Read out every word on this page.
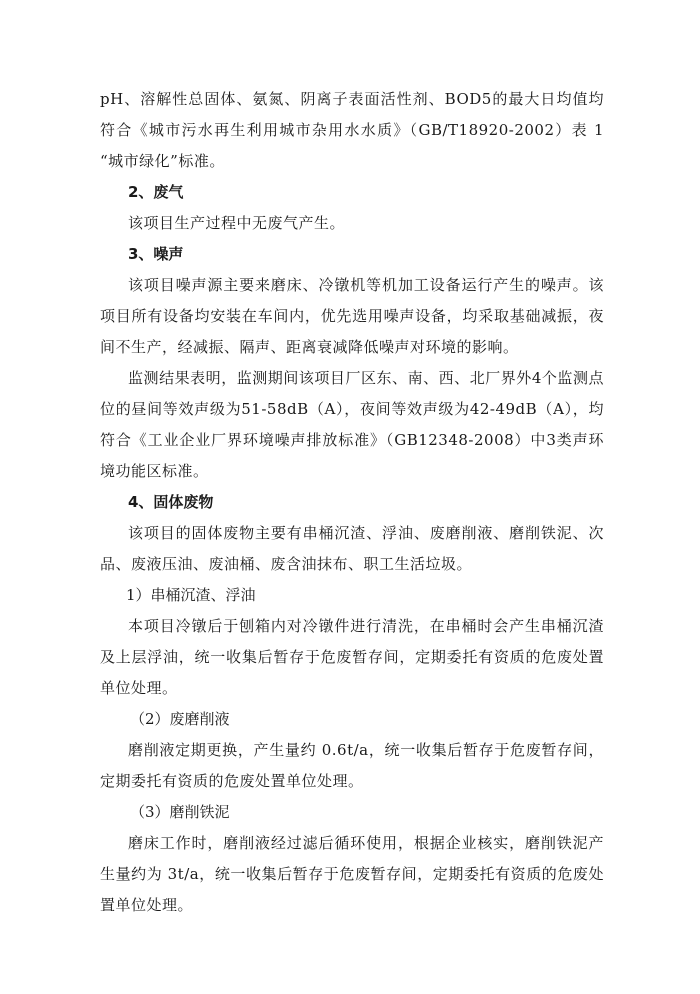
pH、溶解性总固体、氨氮、阴离子表面活性剂、BOD5的最大日均值均符合《城市污水再生利用城市杂用水水质》（GB/T18920-2002）表 1 “城市绿化”标准。

2、废气

该项目生产过程中无废气产生。

3、噪声

该项目噪声源主要来磨床、冷镦机等机加工设备运行产生的噪声。该项目所有设备均安装在车间内，优先选用噪声设备，均采取基础减振，夜间不生产，经减振、隔声、距离衰减降低噪声对环境的影响。

监测结果表明，监测期间该项目厂区东、南、西、北厂界外4个监测点位的昼间等效声级为51-58dB（A），夜间等效声级为42-49dB（A），均符合《工业企业厂界环境噪声排放标准》（GB12348-2008）中3类声环境功能区标准。

4、固体废物

该项目的固体废物主要有串桶沉渣、浮油、废磨削液、磨削铁泥、次品、废液压油、废油桶、废含油抹布、职工生活垃圾。

1）串桶沉渣、浮油

本项目冷镦后于刨箱内对冷镦件进行清洗，在串桶时会产生串桶沉渣及上层浮油，统一收集后暂存于危废暂存间，定期委托有资质的危废处置单位处理。

（2）废磨削液

磨削液定期更换，产生量约 0.6t/a，统一收集后暂存于危废暂存间，定期委托有资质的危废处置单位处理。

（3）磨削铁泥

磨床工作时，磨削液经过滤后循环使用，根据企业核实，磨削铁泥产生量约为 3t/a，统一收集后暂存于危废暂存间，定期委托有资质的危废处置单位处理。
